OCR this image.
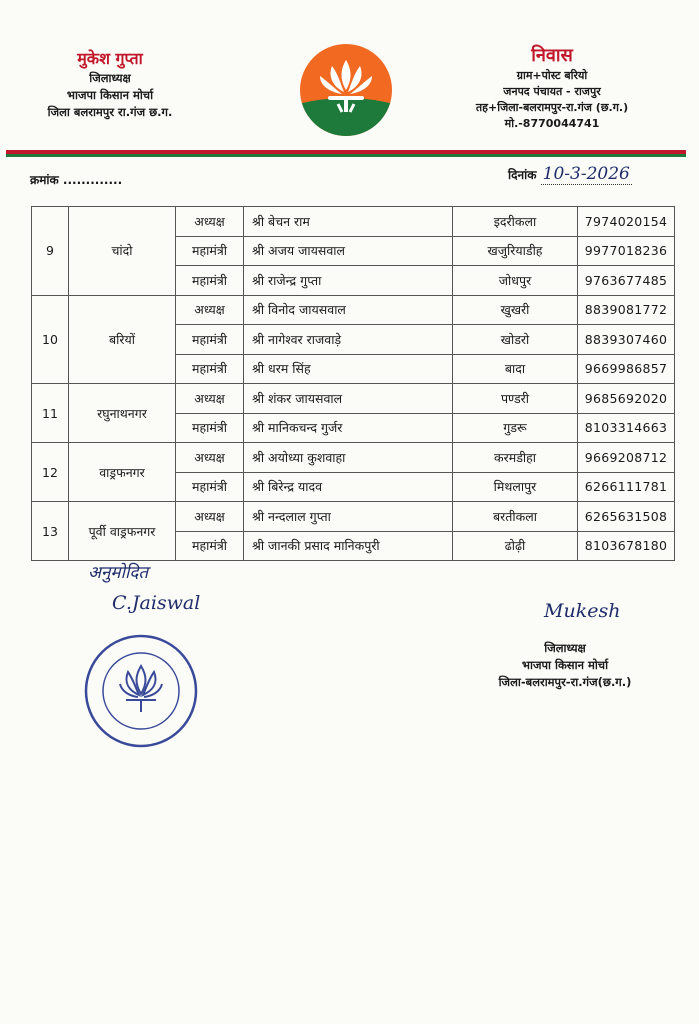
मुकेश गुप्ता
जिलाध्यक्ष
भाजपा किसान मोर्चा
जिला बलरामपुर रा.गंज छ.ग.
निवास
ग्राम+पोस्ट बरियो
जनपद पंचायत - राजपुर
तह+जिला-बलरामपुर-रा.गंज (छ.ग.)
मो.-8770044741
क्रमांक .............	दिनांक 10-3-2026
9	चांदो	अध्यक्ष	श्री बेचन राम	इदरीकला	7974020154
		महामंत्री	श्री अजय जायसवाल	खजुरियाडीह	9977018236
		महामंत्री	श्री राजेन्द्र गुप्ता	जोधपुर	9763677485
10	बरियों	अध्यक्ष	श्री विनोद जायसवाल	खुखरी	8839081772
		महामंत्री	श्री नागेश्वर राजवाड़े	खोडरो	8839307460
		महामंत्री	श्री धरम सिंह	बादा	9669986857
11	रघुनाथनगर	अध्यक्ष	श्री शंकर जायसवाल	पण्डरी	9685692020
		महामंत्री	श्री मानिकचन्द गुर्जर	गुडरू	8103314663
12	वाड्रफनगर	अध्यक्ष	श्री अयोध्या कुशवाहा	करमडीहा	9669208712
		महामंत्री	श्री बिरेन्द्र यादव	मिथलापुर	6266111781
13	पूर्वी वाड्रफनगर	अध्यक्ष	श्री नन्दलाल गुप्ता	बरतीकला	6265631508
		महामंत्री	श्री जानकी प्रसाद मानिकपुरी	ढोढ़ी	8103678180
अनुमोदित
C.Jaiswal	Mukesh
जिलाध्यक्ष
भाजपा किसान मोर्चा
जिला-बलरामपुर-रा.गंज(छ.ग.)
